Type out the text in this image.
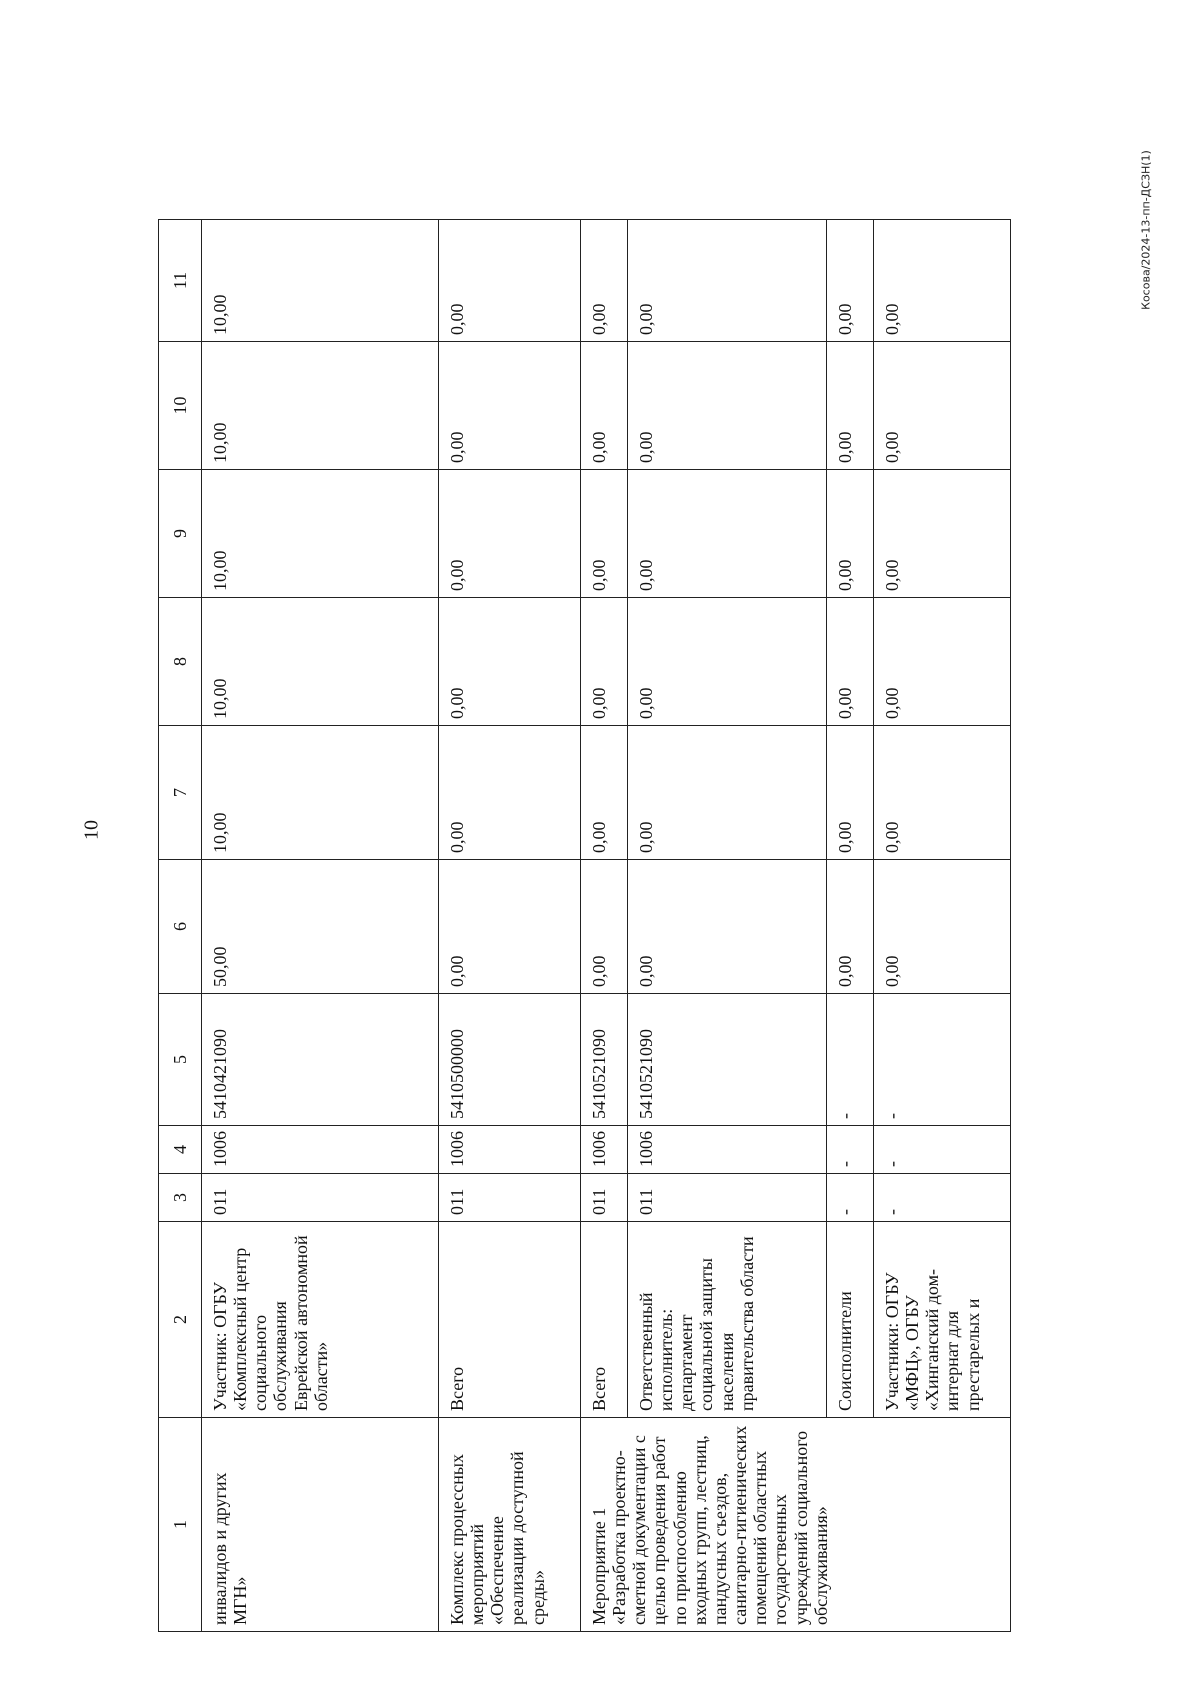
10
Косова/2024-13-пп-ДСЗН(1)
1	2	3	4	5	6	7	8	9	10	11
инвалидов и других МГН»	Участник: ОГБУ «Комплексный центр социального обслуживания Еврейской автономной области»	011	1006	5410421090	50,00	10,00	10,00	10,00	10,00	10,00
Комплекс процессных мероприятий «Обеспечение реализации доступной среды»	Всего	011	1006	5410500000	0,00	0,00	0,00	0,00	0,00	0,00
Мероприятие 1 «Разработка проектно-сметной документации с целью проведения работ по приспособлению входных групп, лестниц, пандусных съездов, санитарно-гигиенических помещений областных государственных учреждений социального обслуживания»	Всего	011	1006	5410521090	0,00	0,00	0,00	0,00	0,00	0,00
	Ответственный исполнитель: департамент социальной защиты населения правительства области	011	1006	5410521090	0,00	0,00	0,00	0,00	0,00	0,00
	Соисполнители	-	-	-	0,00	0,00	0,00	0,00	0,00	0,00
	Участники: ОГБУ «МФЦ», ОГБУ «Хинганский дом-интернат для престарелых и	-	-	-	0,00	0,00	0,00	0,00	0,00	0,00
